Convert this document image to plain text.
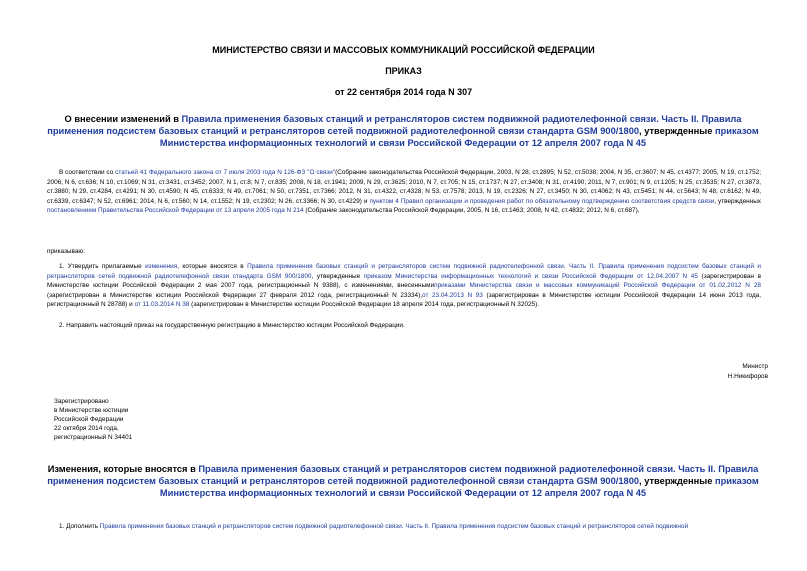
МИНИСТЕРСТВО СВЯЗИ И МАССОВЫХ КОММУНИКАЦИЙ РОССИЙСКОЙ ФЕДЕРАЦИИ
ПРИКАЗ
от 22 сентября 2014 года N 307
О внесении изменений в Правила применения базовых станций и ретрансляторов систем подвижной радиотелефонной связи. Часть II. Правила применения подсистем базовых станций и ретрансляторов сетей подвижной радиотелефонной связи стандарта GSM 900/1800, утвержденные приказом Министерства информационных технологий и связи Российской Федерации от 12 апреля 2007 года N 45
В соответствии со статьей 41 Федерального закона от 7 июля 2003 года N 126-ФЗ "О связи"(Собрание законодательства Российской Федерации, 2003, N 28, ст.2895; N 52, ст.5038; 2004, N 35, ст.3607; N 45, ст.4377; 2005, N 19, ст.1752; 2006, N 6, ст.636; N 10, ст.1069; N 31, ст.3431, ст.3452; 2007, N 1, ст.8; N 7, ст.835; 2008, N 18, ст.1941; 2009, N 29, ст.3625; 2010, N 7, ст.705; N 15, ст.1737; N 27, ст.3408; N 31, ст.4190; 2011, N 7, ст.901; N 9, ст.1205; N 25, ст.3535; N 27, ст.3873, ст.3880; N 29, ст.4284, ст.4291; N 30, ст.4590; N 45, ст.6333; N 49, ст.7061; N 50, ст.7351, ст.7366; 2012, N 31, ст.4322, ст.4328; N 53, ст.7578; 2013, N 19, ст.2326; N 27, ст.3450; N 30, ст.4062; N 43, ст.5451; N 44, ст.5643; N 48, ст.6162; N 49, ст.6339, ст.6347; N 52, ст.6961; 2014, N 6, ст.560; N 14, ст.1552; N 19, ст.2302; N 26, ст.3366; N 30, ст.4229) и пунктом 4 Правил организации и проведения работ по обязательному подтверждению соответствия средств связи, утвержденных постановлением Правительства Российской Федерации от 13 апреля 2005 года N 214 (Собрание законодательства Российской Федерации, 2005, N 16, ст.1463; 2008, N 42, ст.4832; 2012, N 6, ст.687),
приказываю:
1. Утвердить прилагаемые изменения, которые вносятся в Правила применения базовых станций и ретрансляторов систем подвижной радиотелефонной связи. Часть II. Правила применения подсистем базовых станций и ретрансляторов сетей подвижной радиотелефонной связи стандарта GSM 900/1800, утвержденные приказом Министерства информационных технологий и связи Российской Федерации от 12.04.2007 N 45 (зарегистрирован в Министерстве юстиции Российской Федерации 2 мая 2007 года, регистрационный N 9388), с изменениями, внесеннымиприказами Министерства связи и массовых коммуникаций Российской Федерации от 01.02.2012 N 28 (зарегистрирован в Министерстве юстиции Российской Федерации 27 февраля 2012 года, регистрационный N 23334),от 23.04.2013 N 93 (зарегистрирован в Министерстве юстиции Российской Федерации 14 июня 2013 года, регистрационный N 28788) и от 11.03.2014 N 38 (зарегистрирован в Министерстве юстиции Российской Федерации 18 апреля 2014 года, регистрационный N 32025).
2. Направить настоящий приказ на государственную регистрацию в Министерство юстиции Российской Федерации.
Министр
Н.Никифоров
Зарегистрировано
в Министерстве юстиции
Российской Федерации
22 октября 2014 года,
регистрационный N 34401
Изменения, которые вносятся в Правила применения базовых станций и ретрансляторов систем подвижной радиотелефонной связи. Часть II. Правила применения подсистем базовых станций и ретрансляторов сетей подвижной радиотелефонной связи стандарта GSM 900/1800, утвержденные приказом Министерства информационных технологий и связи Российской Федерации от 12 апреля 2007 года N 45
1. Дополнить Правила применения базовых станций и ретрансляторов систем подвижной радиотелефонной связи. Часть II. Правила применения подсистем базовых станций и ретрансляторов сетей подвижной
